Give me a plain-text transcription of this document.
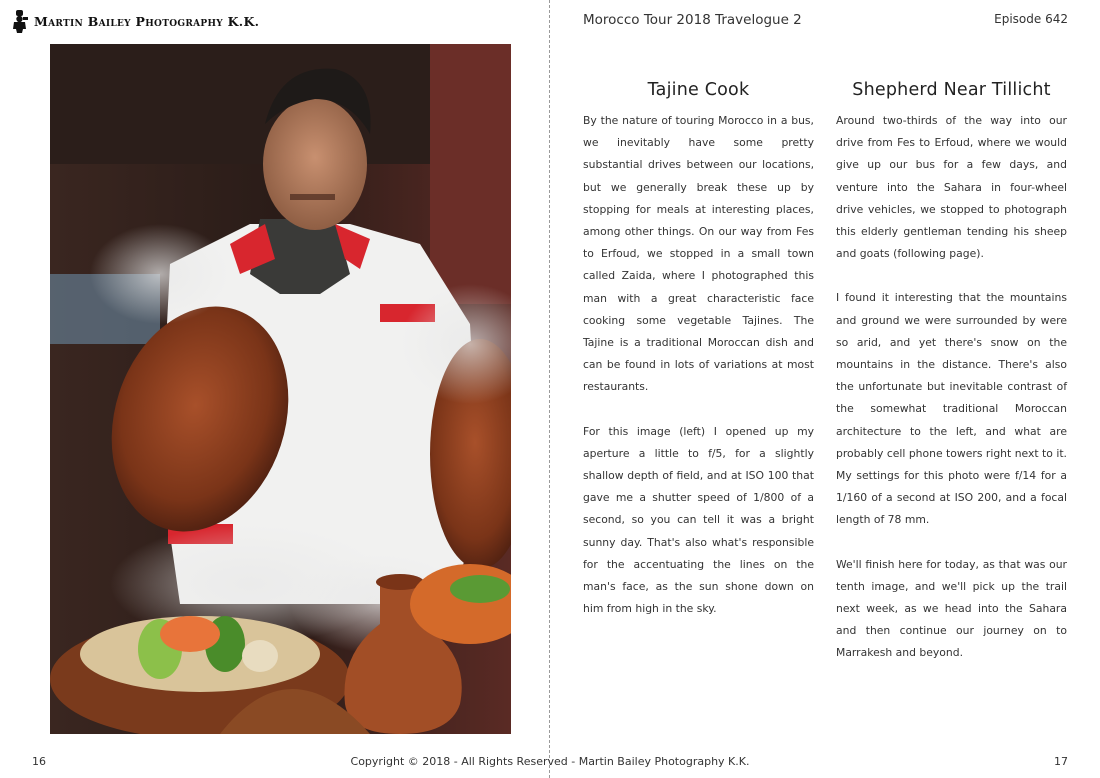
Martin Bailey Photography K.K.
16
Morocco Tour 2018 Travelogue 2	Episode 642
Tajine Cook

By the nature of touring Morocco in a bus, we inevitably have some pretty substantial drives between our locations, but we generally break these up by stopping for meals at interesting places, among other things. On our way from Fes to Erfoud, we stopped in a small town called Zaida, where I photographed this man with a great characteristic face cooking some vegetable Tajines. The Tajine is a traditional Moroccan dish and can be found in lots of variations at most restaurants.

For this image (left) I opened up my aperture a little to f/5, for a slightly shallow depth of field, and at ISO 100 that gave me a shutter speed of 1/800 of a second, so you can tell it was a bright sunny day. That's also what's responsible for the accentuating the lines on the man's face, as the sun shone down on him from high in the sky.

Shepherd Near Tillicht

Around two-thirds of the way into our drive from Fes to Erfoud, where we would give up our bus for a few days, and venture into the Sahara in four-wheel drive vehicles, we stopped to photograph this elderly gentleman tending his sheep and goats (following page).

I found it interesting that the mountains and ground we were surrounded by were so arid, and yet there's snow on the mountains in the distance. There's also the unfortunate but inevitable contrast of the somewhat traditional Moroccan architecture to the left, and what are probably cell phone towers right next to it. My settings for this photo were f/14 for a 1/160 of a second at ISO 200, and a focal length of 78 mm.

We'll finish here for today, as that was our tenth image, and we'll pick up the trail next week, as we head into the Sahara and then continue our journey on to Marrakesh and beyond.

17
Copyright © 2018 - All Rights Reserved - Martin Bailey Photography K.K.
